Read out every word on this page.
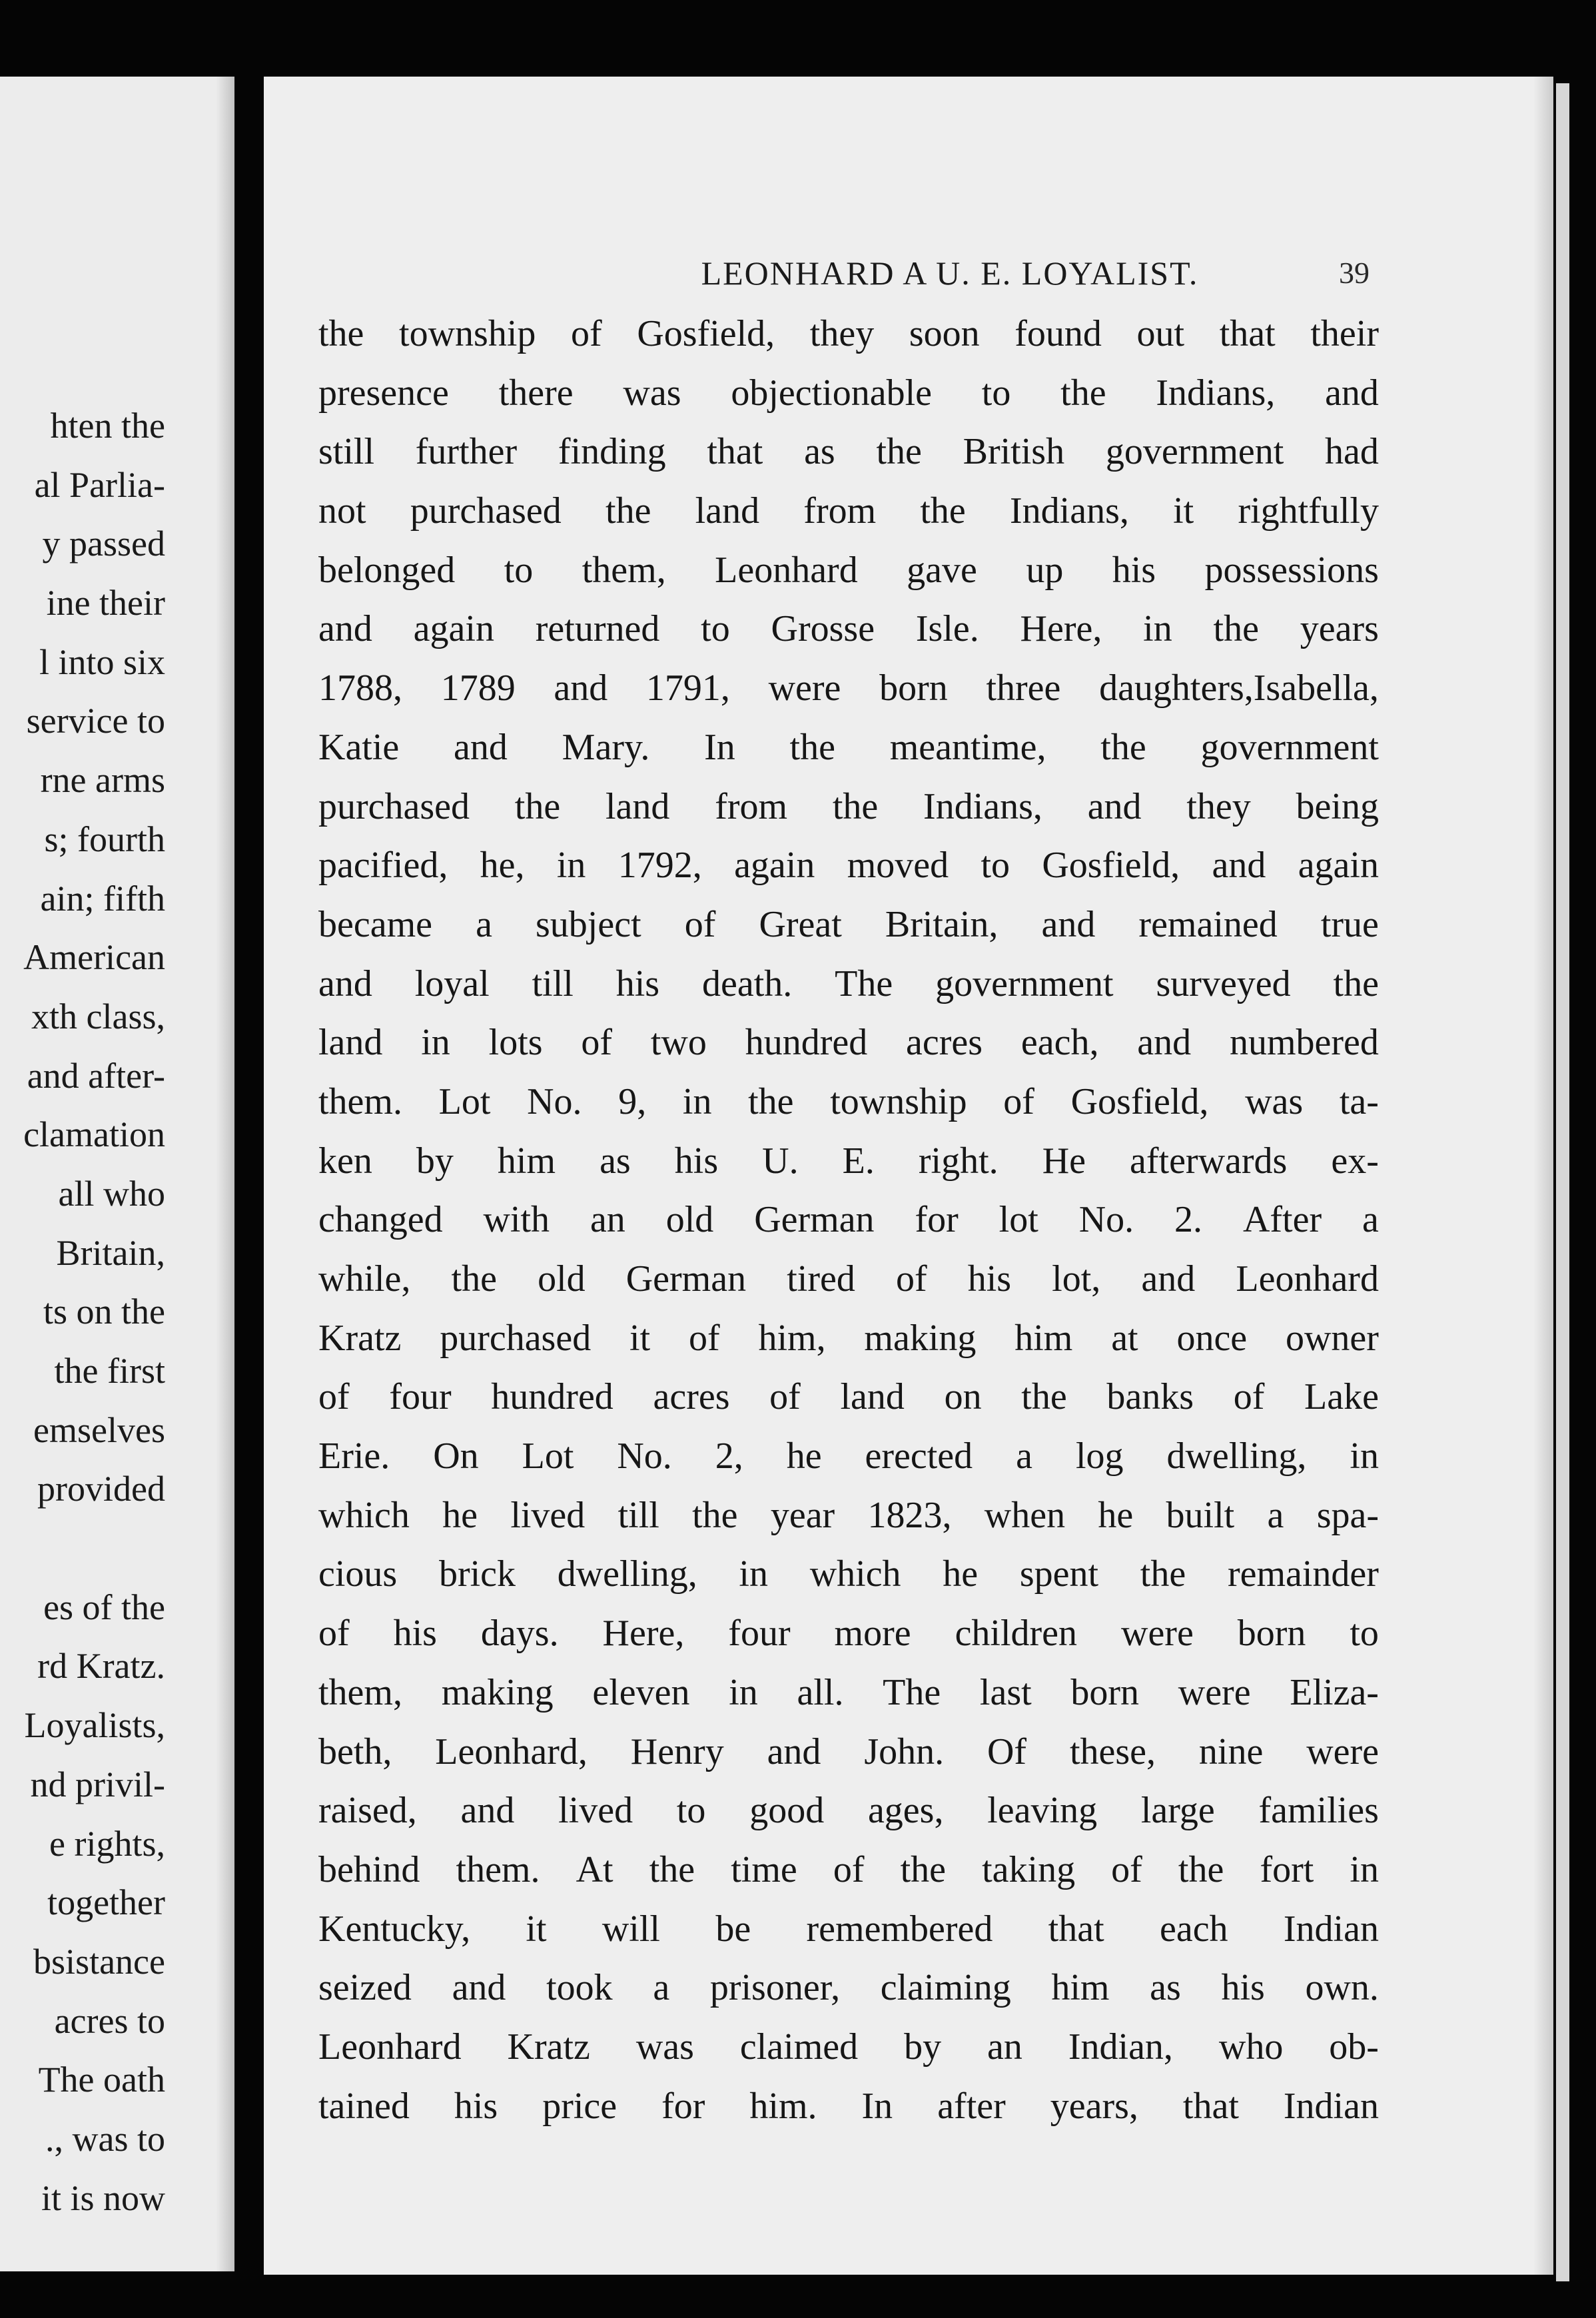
hten the
al Parlia-
y passed
ine their
l into six
service to
rne arms
s; fourth
ain; fifth
American
xth class,
and after-
clamation
all who
Britain,
ts on the
the first
emselves
provided
es of the
rd Kratz.
Loyalists,
nd privil-
e rights,
together
bsistance
acres to
The oath
., was to
it is now
LEONHARD A U. E. LOYALIST.	39
the township of Gosfield, they soon found out that their
presence there was objectionable to the Indians, and
still further finding that as the British government had
not purchased the land from the Indians, it rightfully
belonged to them, Leonhard gave up his possessions
and again returned to Grosse Isle. Here, in the years
1788, 1789 and 1791, were born three daughters,Isabella,
Katie and Mary. In the meantime, the government
purchased the land from the Indians, and they being
pacified, he, in 1792, again moved to Gosfield, and again
became a subject of Great Britain, and remained true
and loyal till his death. The government surveyed the
land in lots of two hundred acres each, and numbered
them. Lot No. 9, in the township of Gosfield, was ta-
ken by him as his U. E. right. He afterwards ex-
changed with an old German for lot No. 2. After a
while, the old German tired of his lot, and Leonhard
Kratz purchased it of him, making him at once owner
of four hundred acres of land on the banks of Lake
Erie. On Lot No. 2, he erected a log dwelling, in
which he lived till the year 1823, when he built a spa-
cious brick dwelling, in which he spent the remainder
of his days. Here, four more children were born to
them, making eleven in all. The last born were Eliza-
beth, Leonhard, Henry and John. Of these, nine were
raised, and lived to good ages, leaving large families
behind them. At the time of the taking of the fort in
Kentucky, it will be remembered that each Indian
seized and took a prisoner, claiming him as his own.
Leonhard Kratz was claimed by an Indian, who ob-
tained his price for him. In after years, that Indian
